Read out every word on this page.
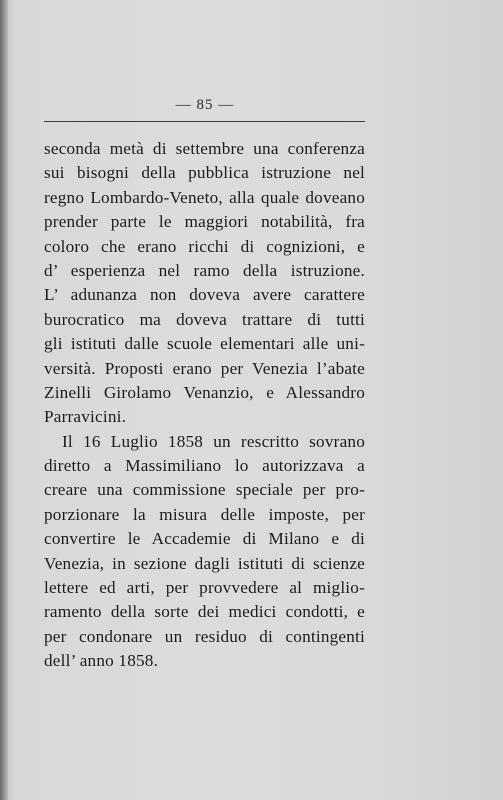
— 85 —
seconda metà di settembre una conferenza
sui bisogni della pubblica istruzione nel
regno Lombardo-Veneto, alla quale doveano
prender parte le maggiori notabilità, fra
coloro che erano ricchi di cognizioni, e
d’ esperienza nel ramo della istruzione.
L’ adunanza non doveva avere carattere
burocratico ma doveva trattare di tutti
gli istituti dalle scuole elementari alle uni-
versità. Proposti erano per Venezia l’abate
Zinelli Girolamo Venanzio, e Alessandro
Parravicini.
Il 16 Luglio 1858 un rescritto sovrano
diretto a Massimiliano lo autorizzava a
creare una commissione speciale per pro-
porzionare la misura delle imposte, per
convertire le Accademie di Milano e di
Venezia, in sezione dagli istituti di scienze
lettere ed arti, per provvedere al miglio-
ramento della sorte dei medici condotti, e
per condonare un residuo di contingenti
dell’ anno 1858.
